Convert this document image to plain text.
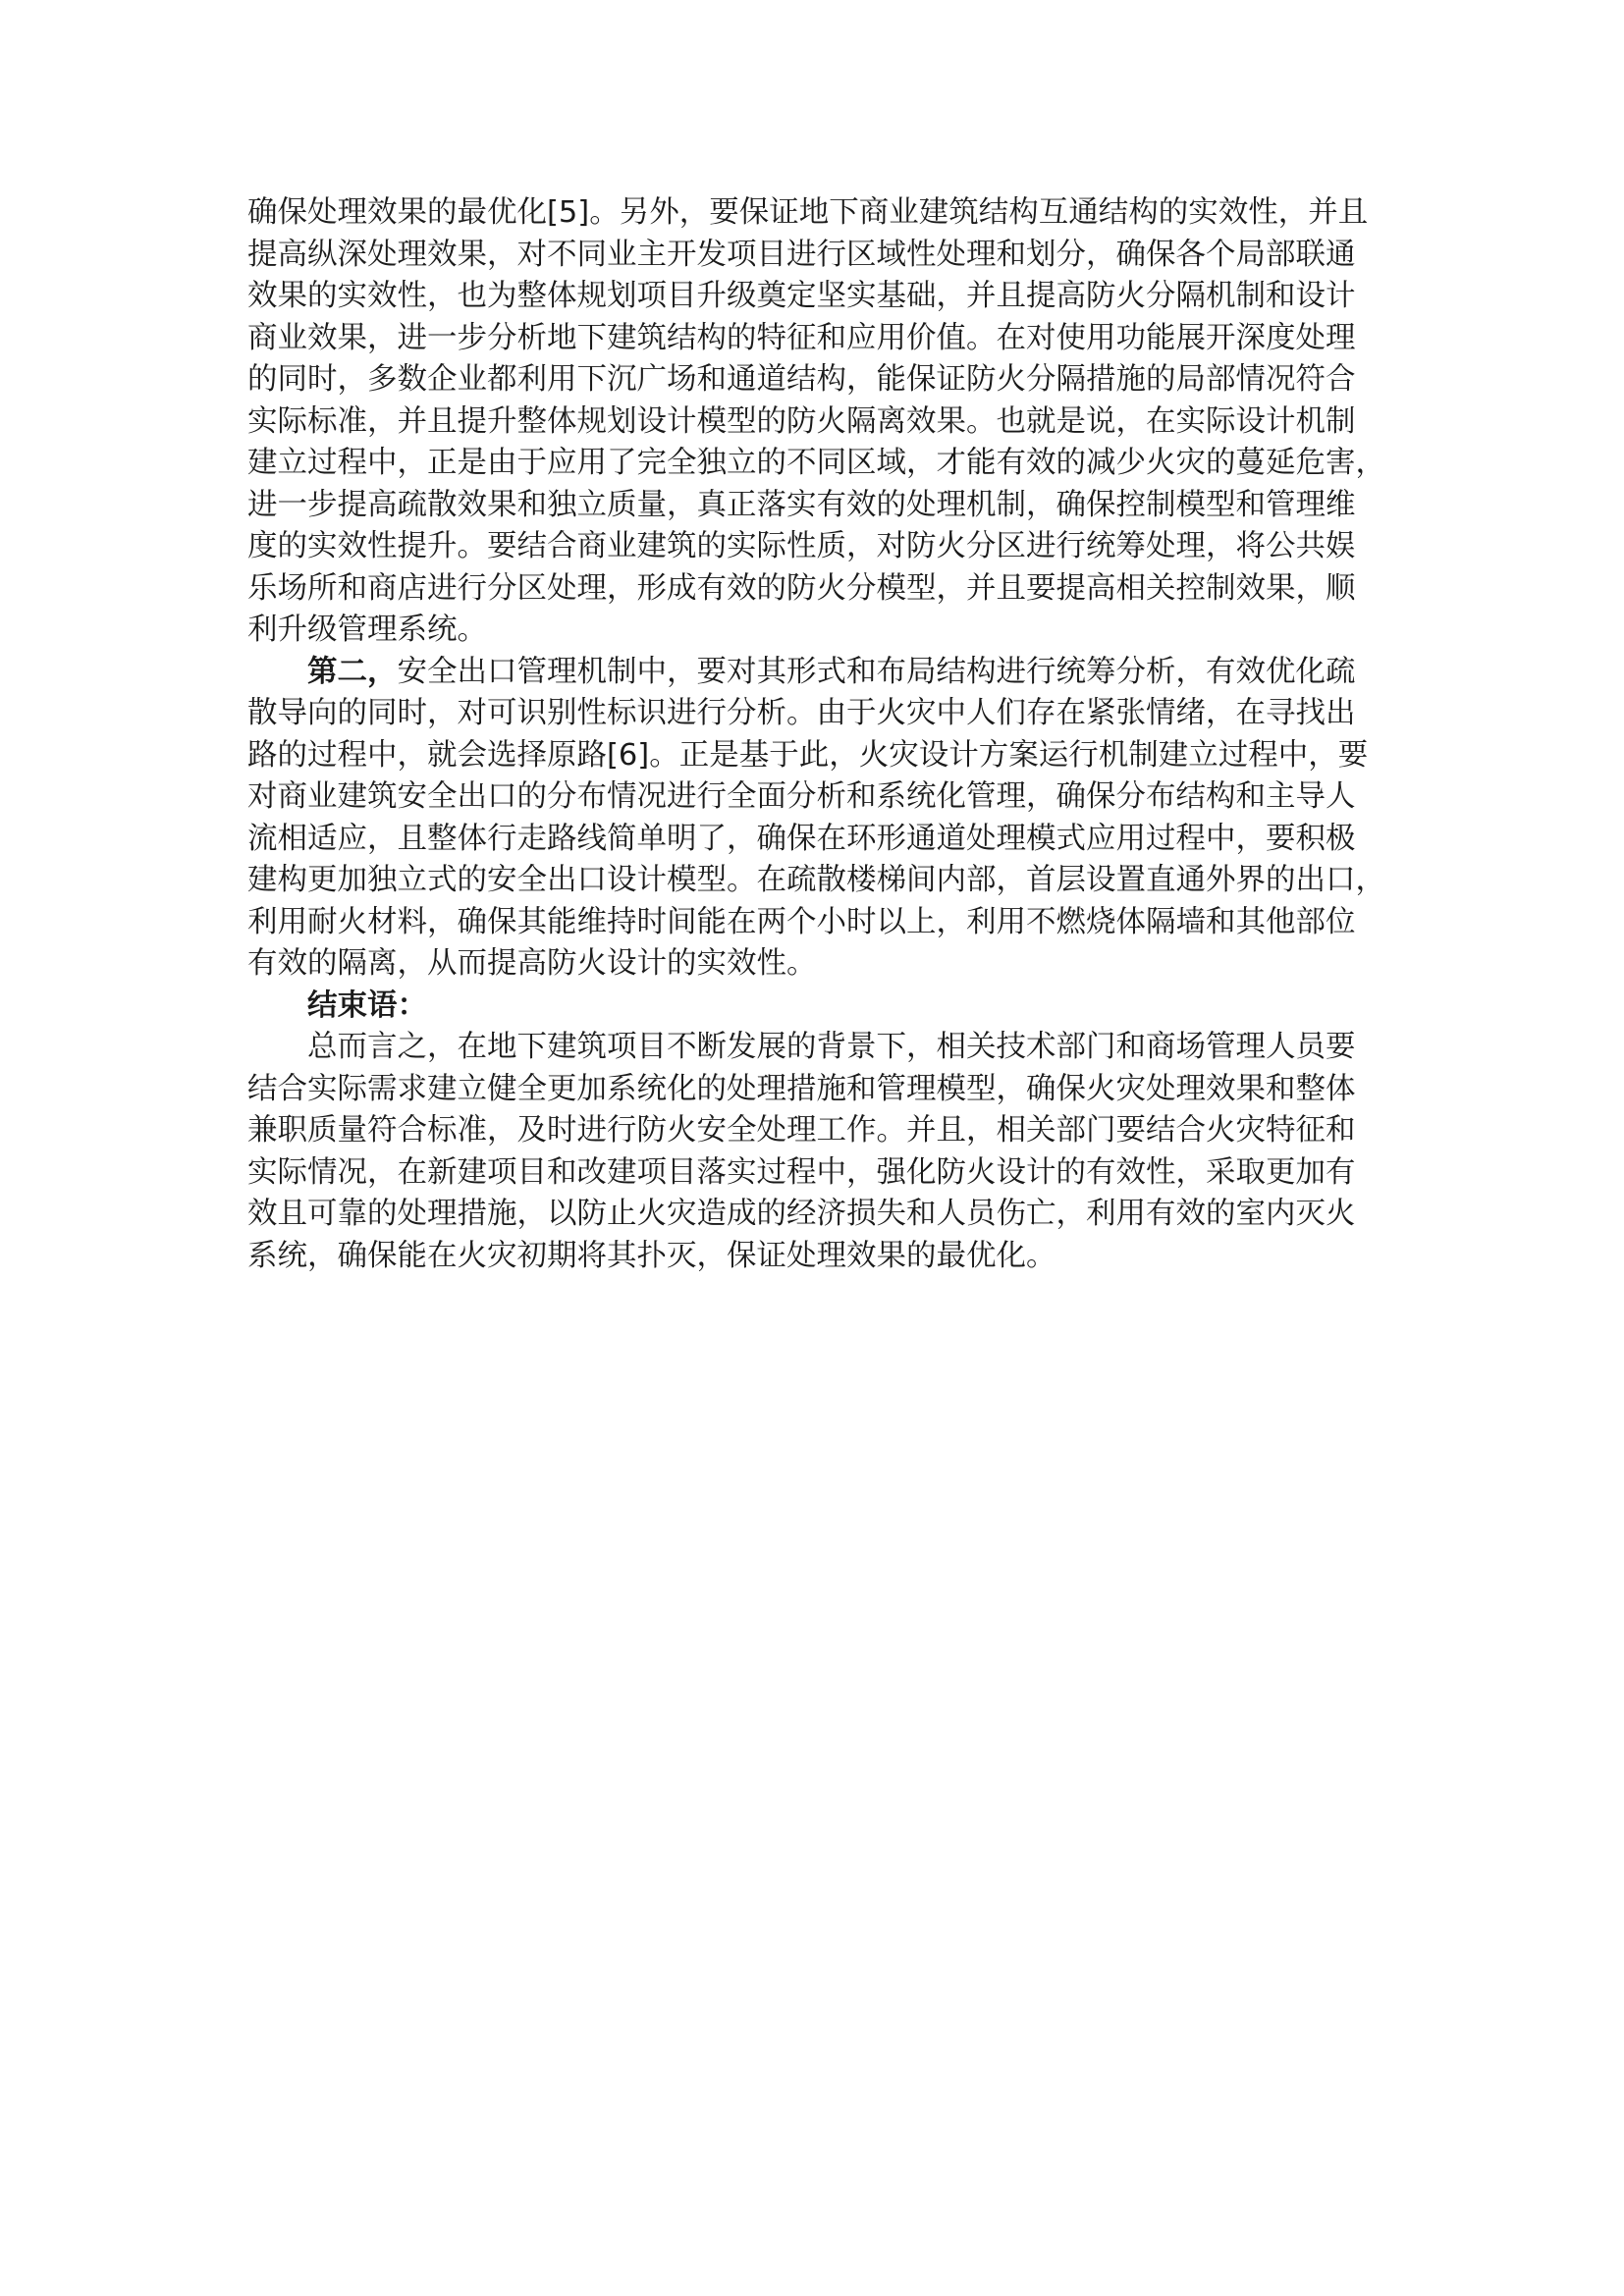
确保处理效果的最优化[5]。另外，要保证地下商业建筑结构互通结构的实效性，并且
提高纵深处理效果，对不同业主开发项目进行区域性处理和划分，确保各个局部联通
效果的实效性，也为整体规划项目升级奠定坚实基础，并且提高防火分隔机制和设计
商业效果，进一步分析地下建筑结构的特征和应用价值。在对使用功能展开深度处理
的同时，多数企业都利用下沉广场和通道结构，能保证防火分隔措施的局部情况符合
实际标准，并且提升整体规划设计模型的防火隔离效果。也就是说，在实际设计机制
建立过程中，正是由于应用了完全独立的不同区域，才能有效的减少火灾的蔓延危害，
进一步提高疏散效果和独立质量，真正落实有效的处理机制，确保控制模型和管理维
度的实效性提升。要结合商业建筑的实际性质，对防火分区进行统筹处理，将公共娱
乐场所和商店进行分区处理，形成有效的防火分模型，并且要提高相关控制效果，顺
利升级管理系统。
第二，安全出口管理机制中，要对其形式和布局结构进行统筹分析，有效优化疏
散导向的同时，对可识别性标识进行分析。由于火灾中人们存在紧张情绪，在寻找出
路的过程中，就会选择原路[6]。正是基于此，火灾设计方案运行机制建立过程中，要
对商业建筑安全出口的分布情况进行全面分析和系统化管理，确保分布结构和主导人
流相适应，且整体行走路线简单明了，确保在环形通道处理模式应用过程中，要积极
建构更加独立式的安全出口设计模型。在疏散楼梯间内部，首层设置直通外界的出口，
利用耐火材料，确保其能维持时间能在两个小时以上，利用不燃烧体隔墙和其他部位
有效的隔离，从而提高防火设计的实效性。
结束语：
总而言之，在地下建筑项目不断发展的背景下，相关技术部门和商场管理人员要
结合实际需求建立健全更加系统化的处理措施和管理模型，确保火灾处理效果和整体
兼职质量符合标准，及时进行防火安全处理工作。并且，相关部门要结合火灾特征和
实际情况，在新建项目和改建项目落实过程中，强化防火设计的有效性，采取更加有
效且可靠的处理措施，以防止火灾造成的经济损失和人员伤亡，利用有效的室内灭火
系统，确保能在火灾初期将其扑灭，保证处理效果的最优化。
